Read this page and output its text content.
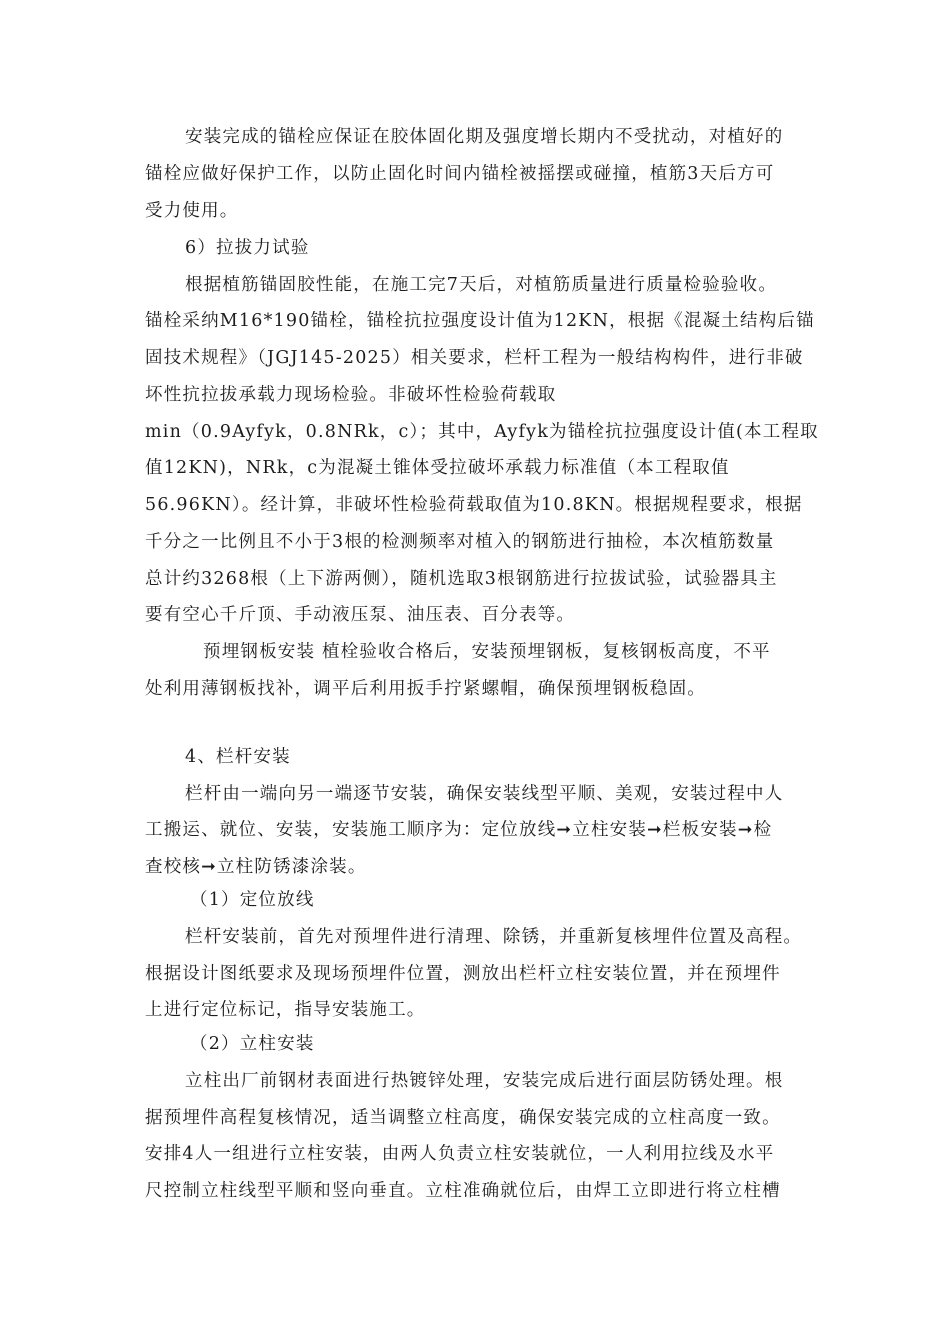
安装完成的锚栓应保证在胶体固化期及强度增长期内不受扰动，对植好的
锚栓应做好保护工作，以防止固化时间内锚栓被摇摆或碰撞，植筋3天后方可
受力使用。
6）拉拔力试验
根据植筋锚固胶性能，在施工完7天后，对植筋质量进行质量检验验收。
锚栓采纳M16*190锚栓，锚栓抗拉强度设计值为12KN，根据《混凝土结构后锚
固技术规程》（JGJ145-2025）相关要求，栏杆工程为一般结构构件，进行非破
坏性抗拉拔承载力现场检验。非破坏性检验荷载取
min（0.9Ayfyk，0.8NRk，c）；其中，Ayfyk为锚栓抗拉强度设计值(本工程取
值12KN)，NRk，c为混凝土锥体受拉破坏承载力标准值（本工程取值
56.96KN）。经计算，非破坏性检验荷载取值为10.8KN。根据规程要求，根据
千分之一比例且不小于3根的检测频率对植入的钢筋进行抽检，本次植筋数量
总计约3268根（上下游两侧），随机选取3根钢筋进行拉拔试验，试验器具主
要有空心千斤顶、手动液压泵、油压表、百分表等。
预埋钢板安装 植栓验收合格后，安装预埋钢板，复核钢板高度，不平
处利用薄钢板找补，调平后利用扳手拧紧螺帽，确保预埋钢板稳固。
4、栏杆安装
栏杆由一端向另一端逐节安装，确保安装线型平顺、美观，安装过程中人
工搬运、就位、安装，安装施工顺序为：定位放线➞立柱安装➞栏板安装➞检
查校核➞立柱防锈漆涂装。
（1）定位放线
栏杆安装前，首先对预埋件进行清理、除锈，并重新复核埋件位置及高程。
根据设计图纸要求及现场预埋件位置，测放出栏杆立柱安装位置，并在预埋件
上进行定位标记，指导安装施工。
（2）立柱安装
立柱出厂前钢材表面进行热镀锌处理，安装完成后进行面层防锈处理。根
据预埋件高程复核情况，适当调整立柱高度，确保安装完成的立柱高度一致。
安排4人一组进行立柱安装，由两人负责立柱安装就位，一人利用拉线及水平
尺控制立柱线型平顺和竖向垂直。立柱准确就位后，由焊工立即进行将立柱槽
